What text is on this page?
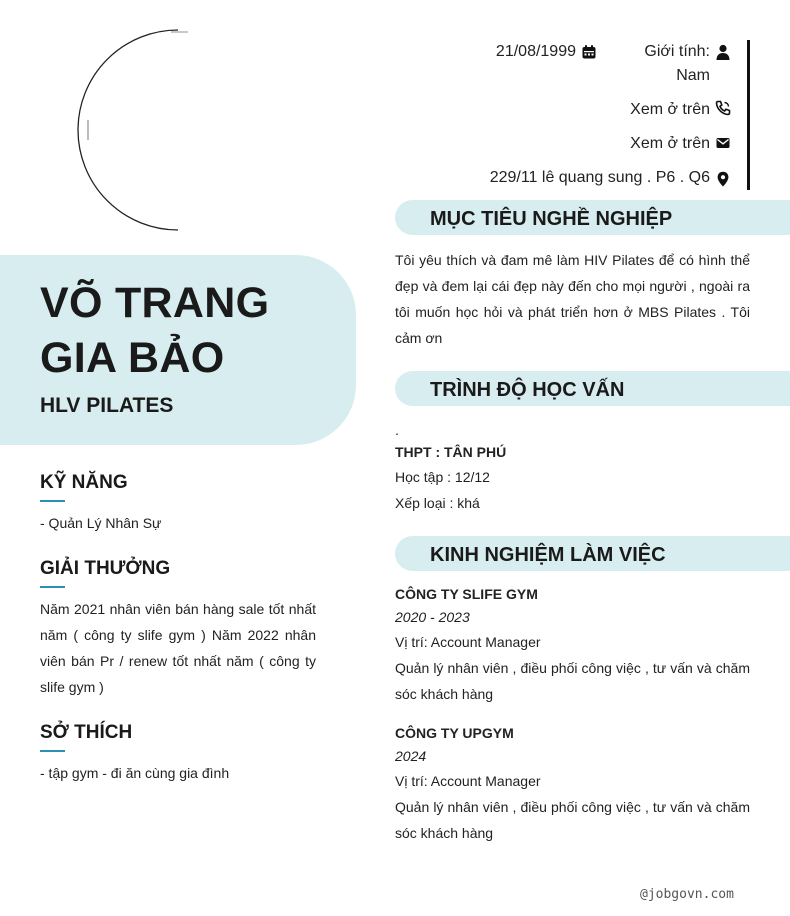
VÕ TRANG
GIA BẢO
HLV PILATES
KỸ NĂNG
- Quản Lý Nhân Sự
GIẢI THƯỞNG
Năm 2021 nhân viên bán hàng sale tốt nhất năm ( công ty slife gym ) Năm 2022 nhân viên bán Pr / renew tốt nhất năm ( công ty slife gym )
SỞ THÍCH
- tập gym - đi ăn cùng gia đình
21/08/1999	Giới tính:
Nam
Xem ở trên
Xem ở trên
229/11 lê quang sung . P6 . Q6
MỤC TIÊU NGHỀ NGHIỆP
Tôi yêu thích và đam mê làm HIV Pilates để có hình thể đẹp và đem lại cái đẹp này đến cho mọi người , ngoài ra tôi muốn học hỏi và phát triển hơn ở MBS Pilates . Tôi cảm ơn
TRÌNH ĐỘ HỌC VẤN
.
THPT : TÂN PHÚ
Học tập : 12/12
Xếp loại : khá
KINH NGHIỆM LÀM VIỆC
CÔNG TY SLIFE GYM
2020 - 2023
Vị trí: Account Manager
Quản lý nhân viên , điều phối công việc , tư vấn và chăm sóc khách hàng
CÔNG TY UPGYM
2024
Vị trí: Account Manager
Quản lý nhân viên , điều phối công việc , tư vấn và chăm sóc khách hàng
@jobgovn.com
